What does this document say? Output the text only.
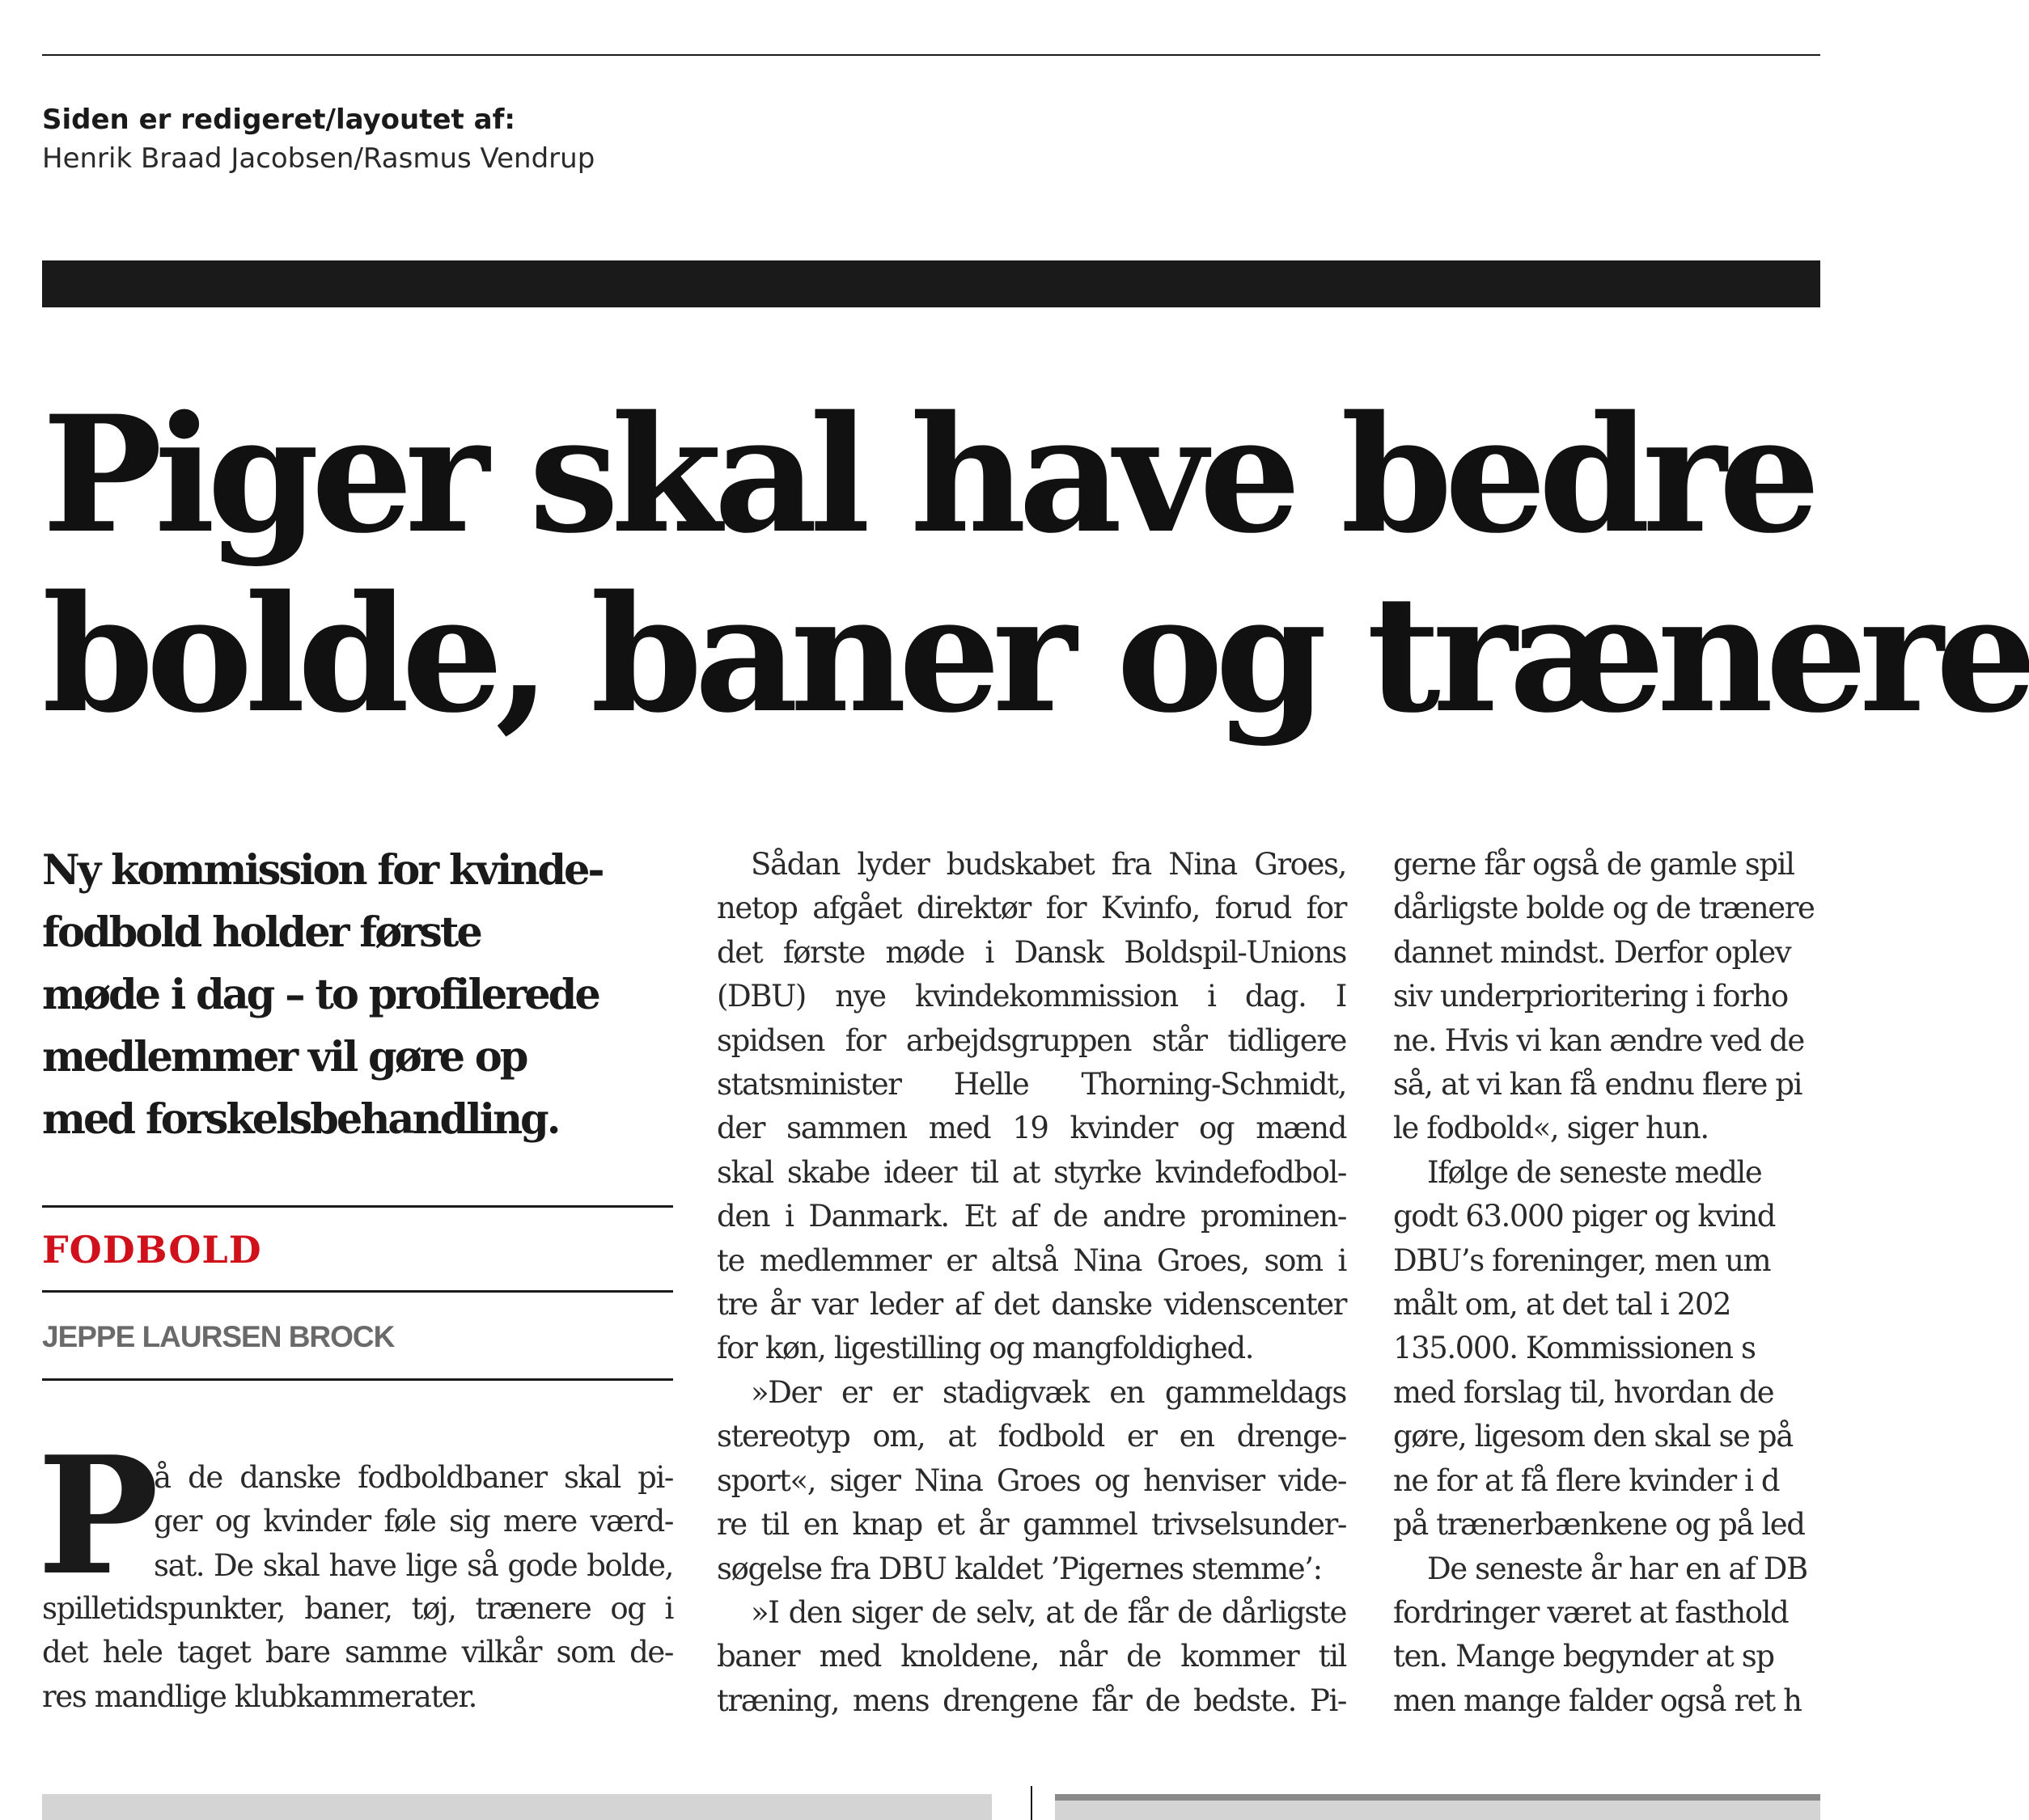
Siden er redigeret/layoutet af:
Henrik Braad Jacobsen/Rasmus Vendrup
Piger skal have bedre
bolde, baner og trænere
Ny kommission for kvinde-
fodbold holder første
møde i dag – to profilerede
medlemmer vil gøre op
med forskelsbehandling.
FODBOLD
JEPPE LAURSEN BROCK
P
å de danske fodboldbaner skal pi-
ger og kvinder føle sig mere værd-
sat. De skal have lige så gode bolde,
spilletidspunkter, baner, tøj, trænere og i
det hele taget bare samme vilkår som de-
res mandlige klubkammerater.
Sådan lyder budskabet fra Nina Groes,
netop afgået direktør for Kvinfo, forud for
det første møde i Dansk Boldspil-Unions
(DBU) nye kvindekommission i dag. I
spidsen for arbejdsgruppen står tidligere
statsminister Helle Thorning-Schmidt,
der sammen med 19 kvinder og mænd
skal skabe ideer til at styrke kvindefodbol-
den i Danmark. Et af de andre prominen-
te medlemmer er altså Nina Groes, som i
tre år var leder af det danske videnscenter
for køn, ligestilling og mangfoldighed.
»Der er er stadigvæk en gammeldags
stereotyp om, at fodbold er en drenge-
sport«, siger Nina Groes og henviser vide-
re til en knap et år gammel trivselsunder-
søgelse fra DBU kaldet ’Pigernes stemme’:
»I den siger de selv, at de får de dårligste
baner med knoldene, når de kommer til
træning, mens drengene får de bedste. Pi-
gerne får også de gamle spil
dårligste bolde og de trænere
dannet mindst. Derfor oplev
siv underprioritering i forho
ne. Hvis vi kan ændre ved de
så, at vi kan få endnu flere pi
le fodbold«, siger hun.
Ifølge de seneste medle
godt 63.000 piger og kvind
DBU’s foreninger, men um
målt om, at det tal i 202
135.000. Kommissionen s
med forslag til, hvordan de
gøre, ligesom den skal se på
ne for at få flere kvinder i d
på trænerbænkene og på led
De seneste år har en af DB
fordringer været at fasthold
ten. Mange begynder at sp
men mange falder også ret h
